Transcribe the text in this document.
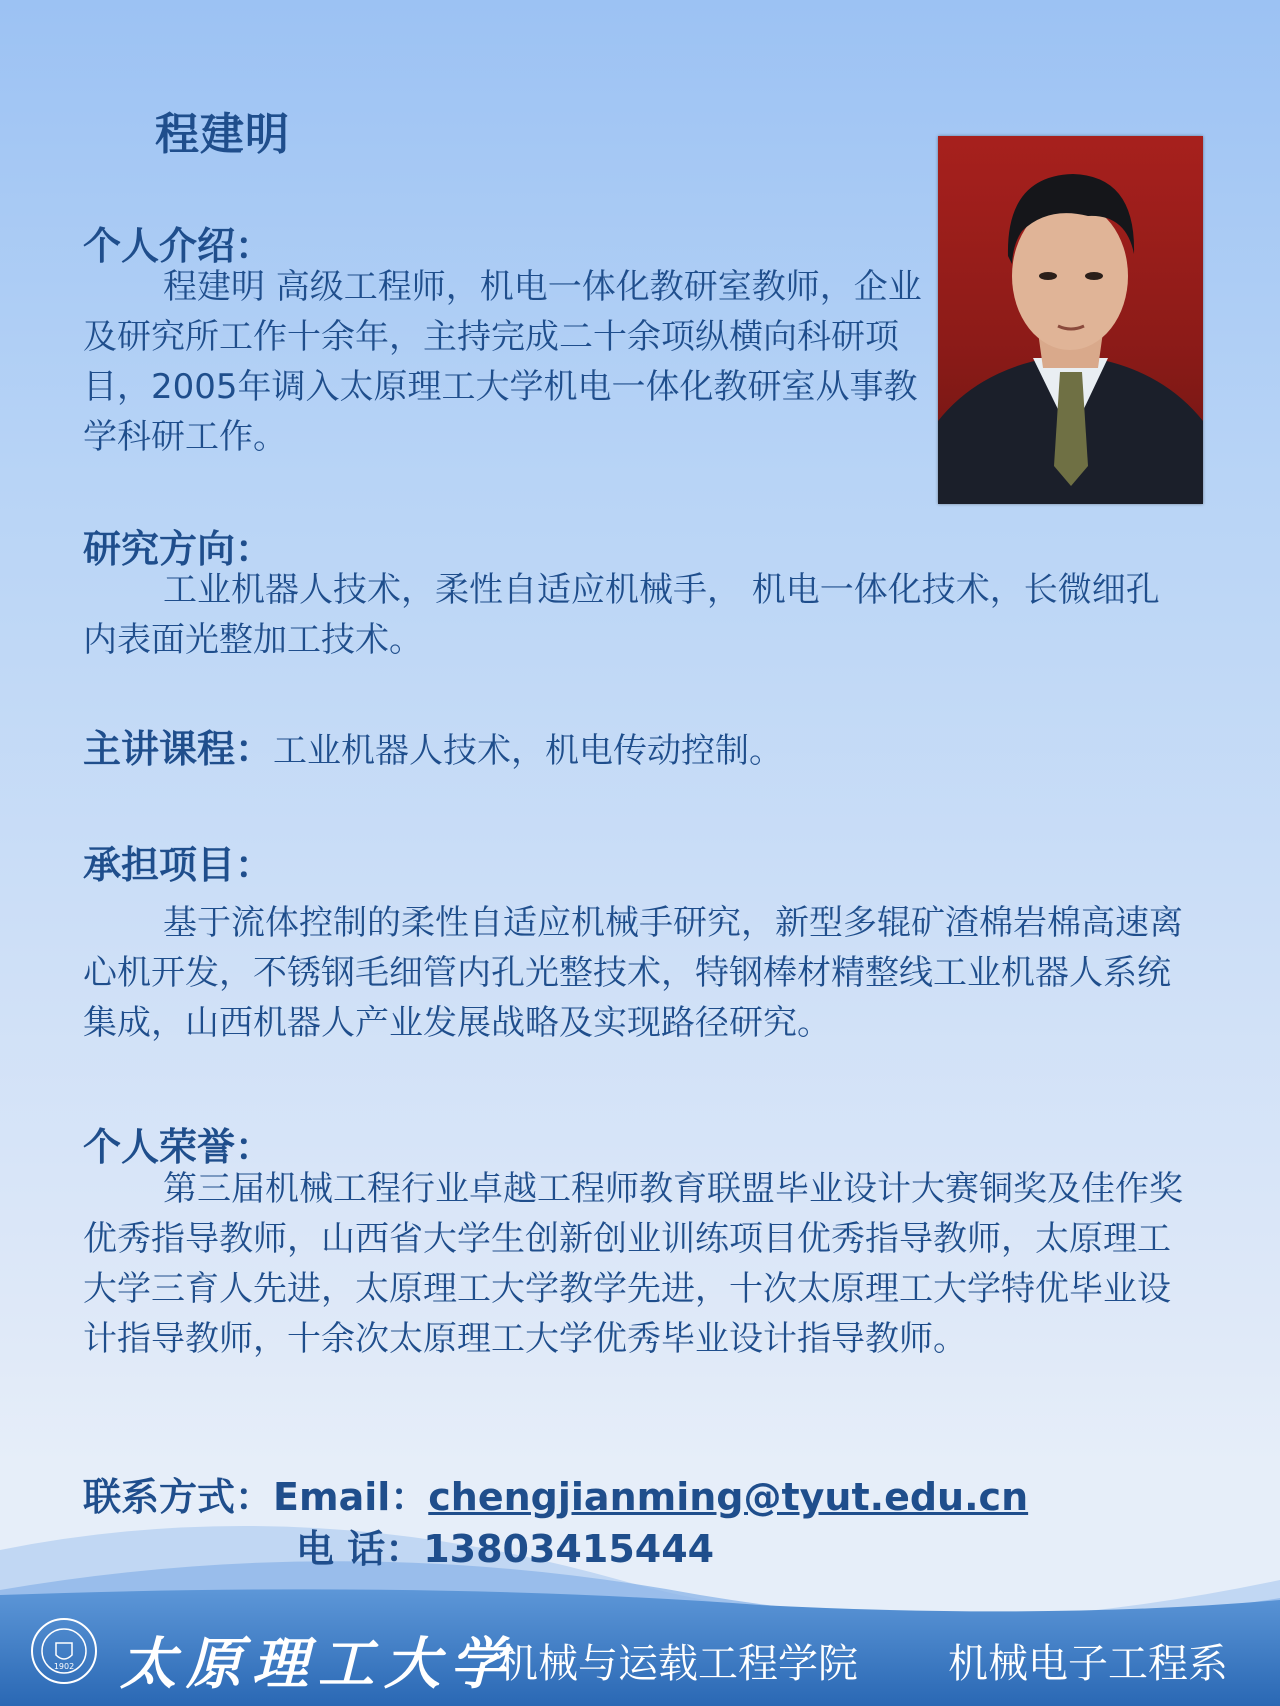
程建明
个人介绍：
程建明 高级工程师，机电一体化教研室教师，企业及研究所工作十余年，主持完成二十余项纵横向科研项目，2005年调入太原理工大学机电一体化教研室从事教学科研工作。
研究方向：
工业机器人技术，柔性自适应机械手， 机电一体化技术，长微细孔内表面光整加工技术。
主讲课程：工业机器人技术，机电传动控制。
承担项目：
基于流体控制的柔性自适应机械手研究，新型多辊矿渣棉岩棉高速离心机开发，不锈钢毛细管内孔光整技术，特钢棒材精整线工业机器人系统集成，山西机器人产业发展战略及实现路径研究。
个人荣誉：
第三届机械工程行业卓越工程师教育联盟毕业设计大赛铜奖及佳作奖优秀指导教师，山西省大学生创新创业训练项目优秀指导教师，太原理工大学三育人先进，太原理工大学教学先进，十次太原理工大学特优毕业设计指导教师，十余次太原理工大学优秀毕业设计指导教师。
联系方式：Email：chengjianming@tyut.edu.cn
电 话：13803415444
1902 太原理工大学
机械与运载工程学院 机械电子工程系
